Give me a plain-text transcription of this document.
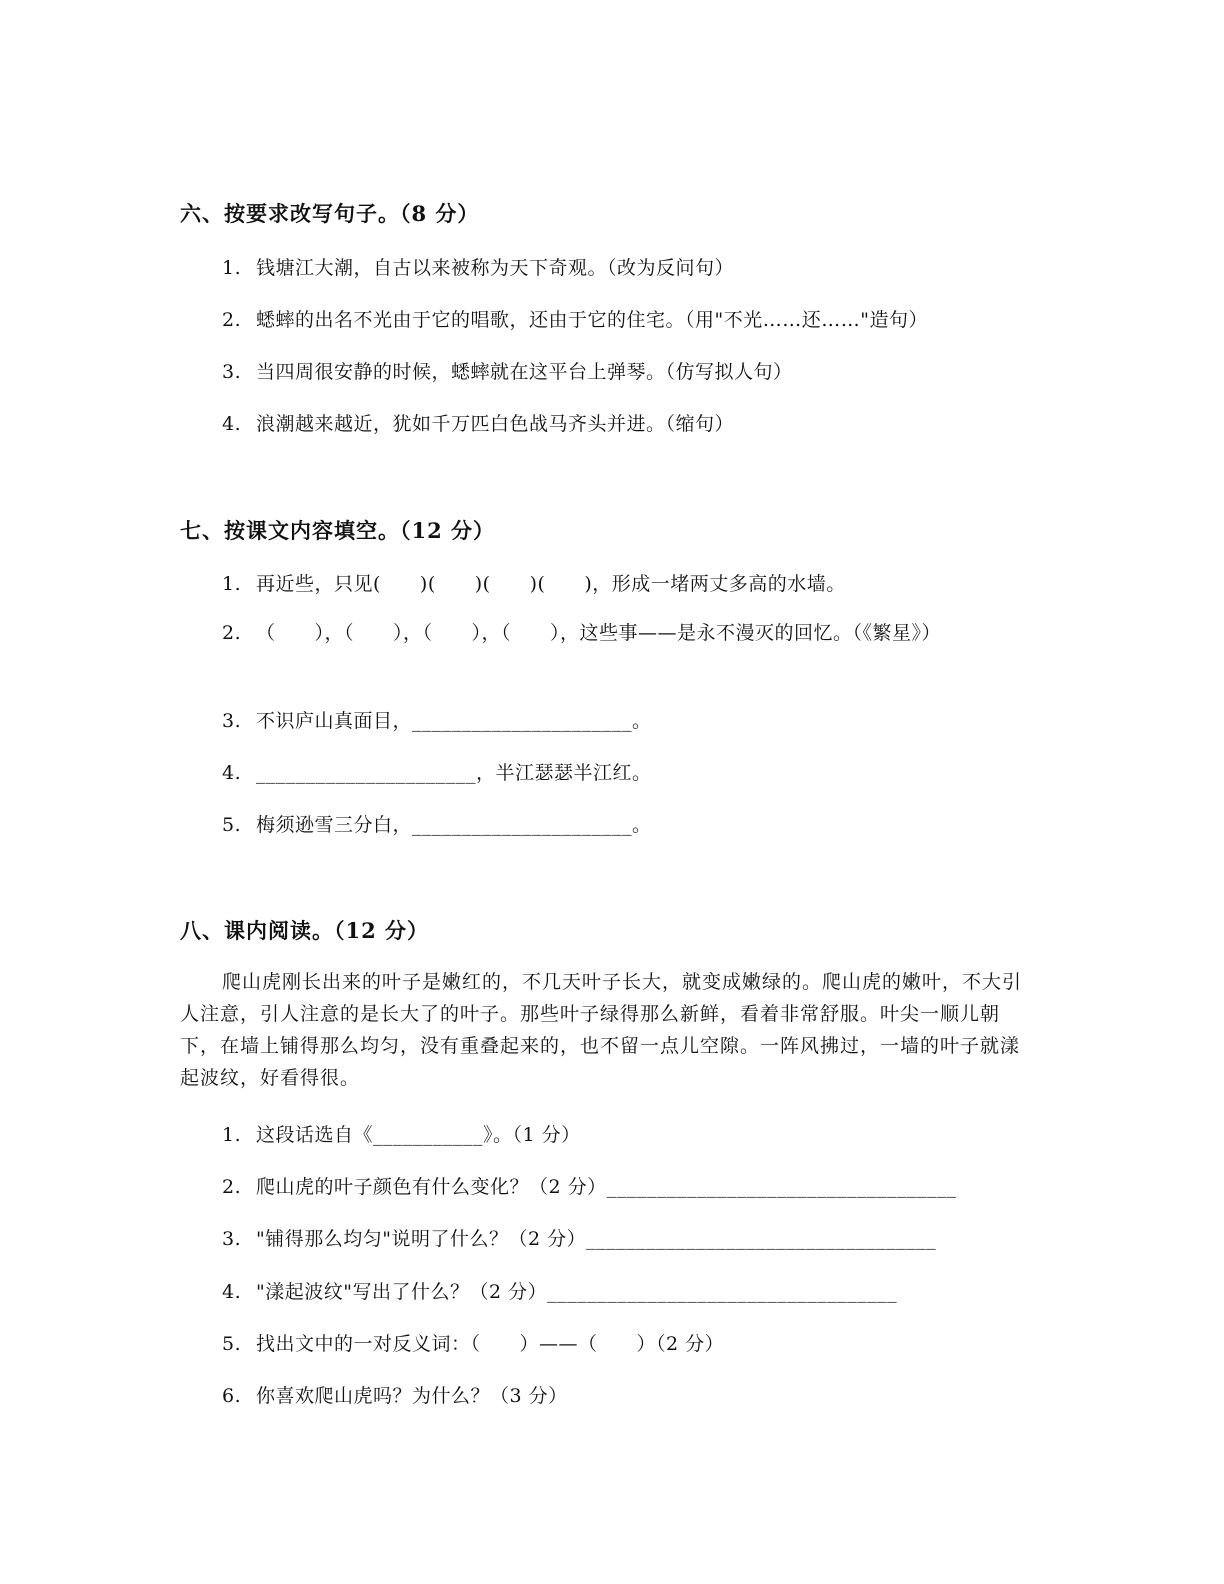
六、按要求改写句子。（8 分）
1. 钱塘江大潮，自古以来被称为天下奇观。（改为反问句）
2. 蟋蟀的出名不光由于它的唱歌，还由于它的住宅。（用"不光……还……"造句）
3. 当四周很安静的时候，蟋蟀就在这平台上弹琴。（仿写拟人句）
4. 浪潮越来越近，犹如千万匹白色战马齐头并进。（缩句）
七、按课文内容填空。（12 分）
1. 再近些，只见(　　)(　　)(　　)(　　)，形成一堵两丈多高的水墙。
2. （　　），（　　），（　　），（　　），这些事——是永不漫灭的回忆。（《繁星》）
3. 不识庐山真面目，______________________。
4. ______________________，半江瑟瑟半江红。
5. 梅须逊雪三分白，______________________。
八、课内阅读。（12 分）
爬山虎刚长出来的叶子是嫩红的，不几天叶子长大，就变成嫩绿的。爬山虎的嫩叶，不大引人注意，引人注意的是长大了的叶子。那些叶子绿得那么新鲜，看着非常舒服。叶尖一顺儿朝下，在墙上铺得那么均匀，没有重叠起来的，也不留一点儿空隙。一阵风拂过，一墙的叶子就漾起波纹，好看得很。
1. 这段话选自《___________》。（1 分）
2. 爬山虎的叶子颜色有什么变化？（2 分）___________________________________
3. "铺得那么均匀"说明了什么？（2 分）___________________________________
4. "漾起波纹"写出了什么？（2 分）___________________________________
5. 找出文中的一对反义词：（　　）——（　　）（2 分）
6. 你喜欢爬山虎吗？为什么？（3 分）
